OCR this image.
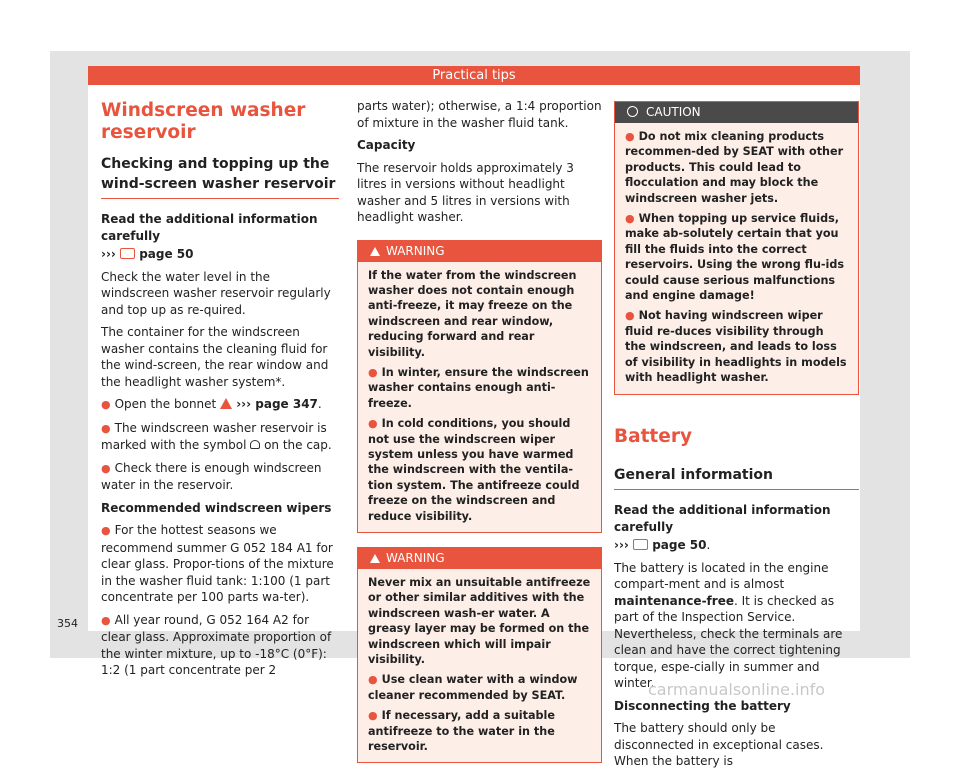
Practical tips
Windscreen washer reservoir
Checking and topping up the wind-screen washer reservoir

Read the additional information carefully

›››  page 50

Check the water level in the windscreen washer reservoir regularly and top up as re-quired.

The container for the windscreen washer contains the cleaning fluid for the wind-screen, the rear window and the headlight washer system*.

● Open the bonnet  ››› page 347.

● The windscreen washer reservoir is marked with the symbol  on the cap.

● Check there is enough windscreen water in the reservoir.

Recommended windscreen wipers

● For the hottest seasons we recommend summer G 052 184 A1 for clear glass. Propor-tions of the mixture in the washer fluid tank: 1:100 (1 part concentrate per 100 parts wa-ter).

● All year round, G 052 164 A2 for clear glass. Approximate proportion of the winter mixture, up to -18°C (0°F): 1:2 (1 part concentrate per 2

parts water); otherwise, a 1:4 proportion of mixture in the washer fluid tank.

Capacity

The reservoir holds approximately 3 litres in versions without headlight washer and 5 litres in versions with headlight washer.

WARNING

If the water from the windscreen washer does not contain enough anti-freeze, it may freeze on the windscreen and rear window, reducing forward and rear visibility.

● In winter, ensure the windscreen washer contains enough anti-freeze.

● In cold conditions, you should not use the windscreen wiper system unless you have warmed the windscreen with the ventila-tion system. The antifreeze could freeze on the windscreen and reduce visibility.

WARNING

Never mix an unsuitable antifreeze or other similar additives with the windscreen wash-er water. A greasy layer may be formed on the windscreen which will impair visibility.

● Use clean water with a window cleaner recommended by SEAT.

● If necessary, add a suitable antifreeze to the water in the reservoir.

CAUTION

● Do not mix cleaning products recommen-ded by SEAT with other products. This could lead to flocculation and may block the windscreen washer jets.

● When topping up service fluids, make ab-solutely certain that you fill the fluids into the correct reservoirs. Using the wrong flu-ids could cause serious malfunctions and engine damage!

● Not having windscreen wiper fluid re-duces visibility through the windscreen, and leads to loss of visibility in headlights in models with headlight washer.

Battery
General information

Read the additional information carefully

›››  page 50.

The battery is located in the engine compart-ment and is almost maintenance-free. It is checked as part of the Inspection Service. Nevertheless, check the terminals are clean and have the correct tightening torque, espe-cially in summer and winter.

Disconnecting the battery

The battery should only be disconnected in exceptional cases. When the battery is

354
carmanualsonline.info
